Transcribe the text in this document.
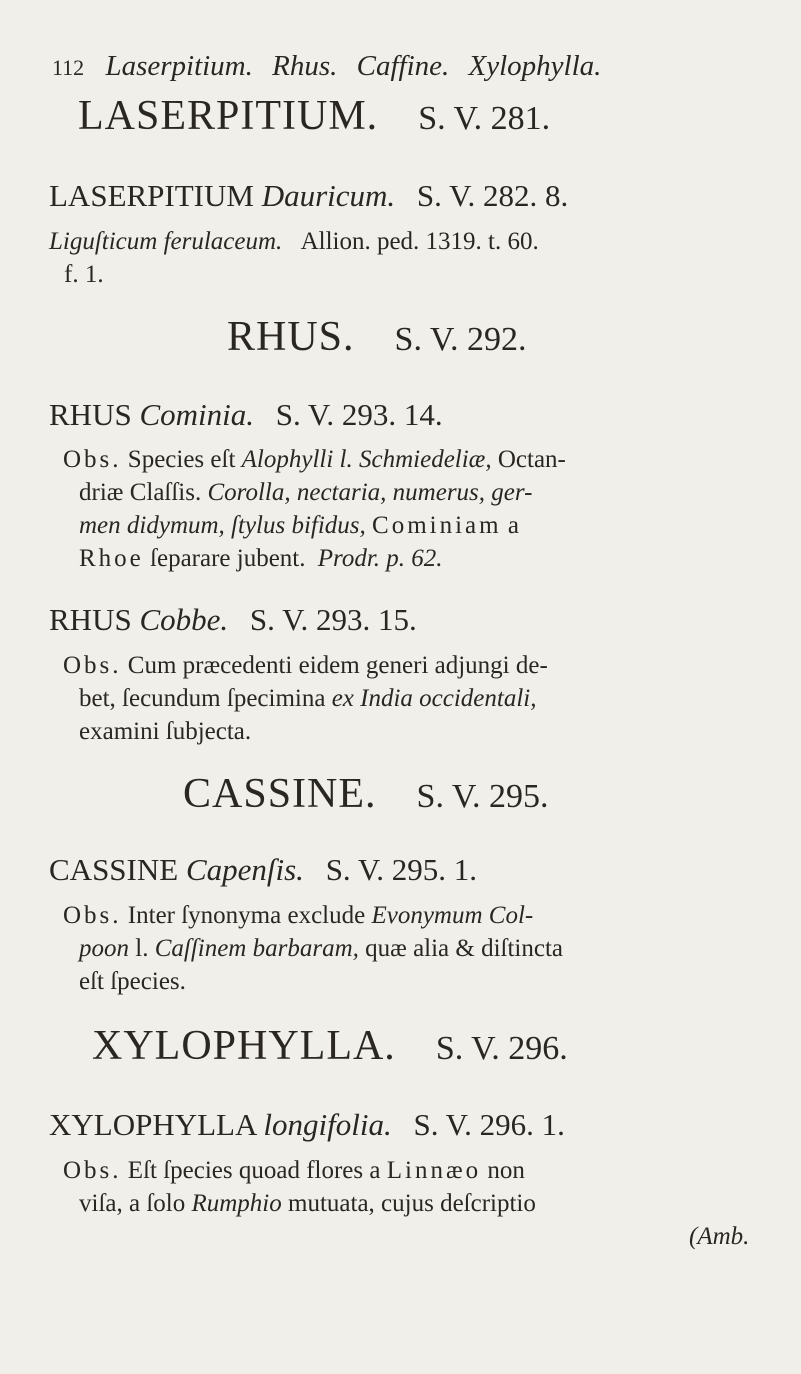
112 Laserpitium. Rhus. Caffine. Xylophylla.
LASERPITIUM. S. V. 281.
LASERPITIUM Dauricum. S. V. 282. 8.
Liguſticum ferulaceum. Allion. ped. 1319. t. 60.
f. 1.
RHUS. S. V. 292.
RHUS Cominia. S. V. 293. 14.
Obs. Species eſt Alophylli l. Schmiedeliæ, Octan-
driæ Claſſis. Corolla, nectaria, numerus, ger-
men didymum, ſtylus bifidus, Cominiam a
Rhoe ſeparare jubent. Prodr. p. 62.
RHUS Cobbe. S. V. 293. 15.
Obs. Cum præcedenti eidem generi adjungi de-
bet, ſecundum ſpecimina ex India occidentali,
examini ſubjecta.
CASSINE. S. V. 295.
CASSINE Capenſis. S. V. 295. 1.
Obs. Inter ſynonyma exclude Evonymum Col-
poon l. Caſſinem barbaram, quæ alia & diſtincta
eſt ſpecies.
XYLOPHYLLA. S. V. 296.
XYLOPHYLLA longifolia. S. V. 296. 1.
Obs. Eſt ſpecies quoad flores a Linnæo non
viſa, a ſolo Rumphio mutuata, cujus deſcriptio
(Amb.
